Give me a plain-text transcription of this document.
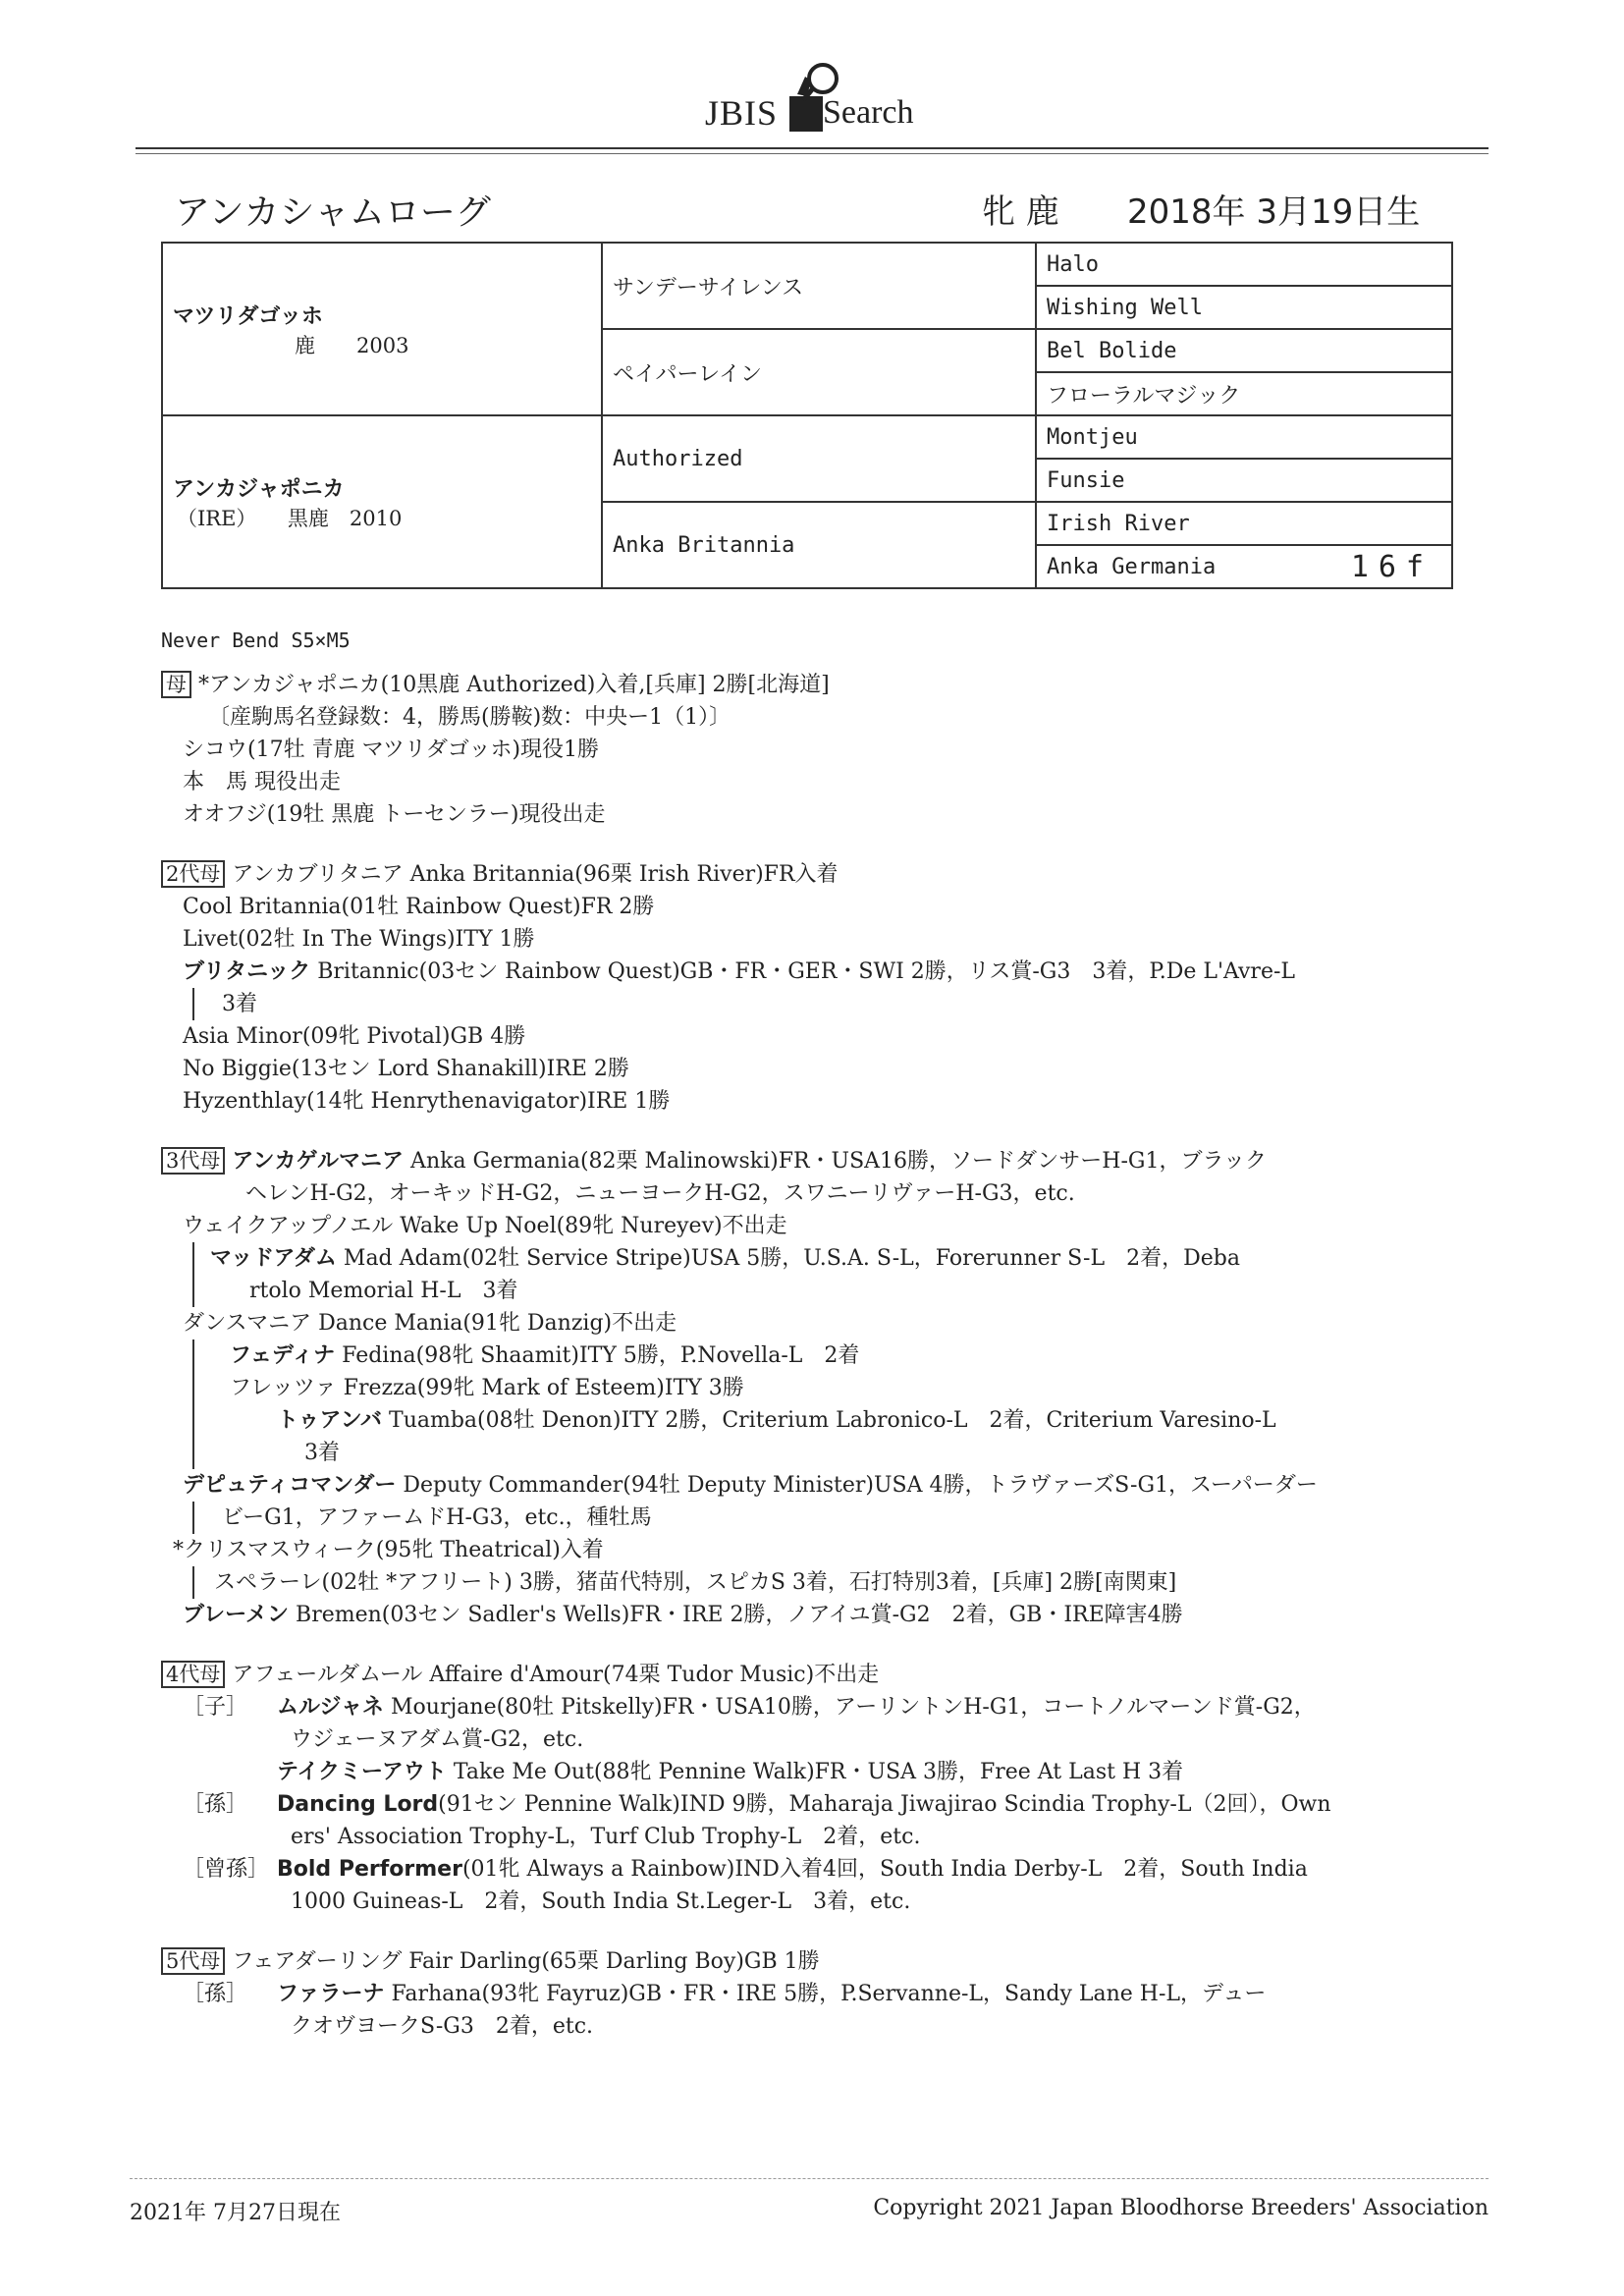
JBIS Search
アンカシャムローグ	牝 鹿 2018年 3月19日生
マツリダゴッホ
鹿　　2003	サンデーサイレンス	Halo
		Wishing Well
	ペイパーレイン	Bel Bolide
		フローラルマジック

アンカジャポニカ
（IRE）　　黒鹿　2010	Authorized	Montjeu
		Funsie
	Anka Britannia	Irish River
		Anka Germania 16f
Never Bend S5×M5
母 *アンカジャポニカ(10黒鹿 Authorized)入着,[兵庫] 2勝[北海道]
〔産駒馬名登録数：4，勝馬(勝鞍)数：中央ー1（1）〕
シコウ(17牡 青鹿 マツリダゴッホ)現役1勝
本　馬 現役出走
オオフジ(19牡 黒鹿 トーセンラー)現役出走
2代母 アンカブリタニア Anka Britannia(96栗 Irish River)FR入着
Cool Britannia(01牡 Rainbow Quest)FR 2勝
Livet(02牡 In The Wings)ITY 1勝
ブリタニック Britannic(03セン Rainbow Quest)GB・FR・GER・SWI 2勝，リス賞-G3　3着，P.De L'Avre-L
3着
Asia Minor(09牝 Pivotal)GB 4勝
No Biggie(13セン Lord Shanakill)IRE 2勝
Hyzenthlay(14牝 Henrythenavigator)IRE 1勝
3代母 アンカゲルマニア Anka Germania(82栗 Malinowski)FR・USA16勝，ソードダンサーH-G1，ブラック
ヘレンH-G2，オーキッドH-G2，ニューヨークH-G2，スワニーリヴァーH-G3，etc.
ウェイクアップノエル Wake Up Noel(89牝 Nureyev)不出走
マッドアダム Mad Adam(02牡 Service Stripe)USA 5勝，U.S.A. S-L，Forerunner S-L　2着，Deba
rtolo Memorial H-L　3着
ダンスマニア Dance Mania(91牝 Danzig)不出走
フェディナ Fedina(98牝 Shaamit)ITY 5勝，P.Novella-L　2着
フレッツァ Frezza(99牝 Mark of Esteem)ITY 3勝
トゥアンバ Tuamba(08牡 Denon)ITY 2勝，Criterium Labronico-L　2着，Criterium Varesino-L
3着
デピュティコマンダー Deputy Commander(94牡 Deputy Minister)USA 4勝，トラヴァーズS-G1，スーパーダー
ビーG1，アファームドH-G3，etc.，種牡馬
*クリスマスウィーク(95牝 Theatrical)入着
スペラーレ(02牡 *アフリート) 3勝，猪苗代特別，スピカS 3着，石打特別3着，[兵庫] 2勝[南関東]
ブレーメン Bremen(03セン Sadler's Wells)FR・IRE 2勝，ノアイユ賞-G2　2着，GB・IRE障害4勝
4代母 アフェールダムール Affaire d'Amour(74栗 Tudor Music)不出走
［子］ ムルジャネ Mourjane(80牡 Pitskelly)FR・USA10勝，アーリントンH-G1，コートノルマーンド賞-G2，
ウジェーヌアダム賞-G2，etc.
テイクミーアウト Take Me Out(88牝 Pennine Walk)FR・USA 3勝，Free At Last H 3着
［孫］ Dancing Lord(91セン Pennine Walk)IND 9勝，Maharaja Jiwajirao Scindia Trophy-L（2回），Own
ers' Association Trophy-L，Turf Club Trophy-L　2着，etc.
［曾孫］ Bold Performer(01牝 Always a Rainbow)IND入着4回，South India Derby-L　2着，South India
1000 Guineas-L　2着，South India St.Leger-L　3着，etc.
5代母 フェアダーリング Fair Darling(65栗 Darling Boy)GB 1勝
［孫］ ファラーナ Farhana(93牝 Fayruz)GB・FR・IRE 5勝，P.Servanne-L，Sandy Lane H-L，デュー
クオヴヨークS-G3　2着，etc.
2021年 7月27日現在	Copyright 2021 Japan Bloodhorse Breeders' Association
